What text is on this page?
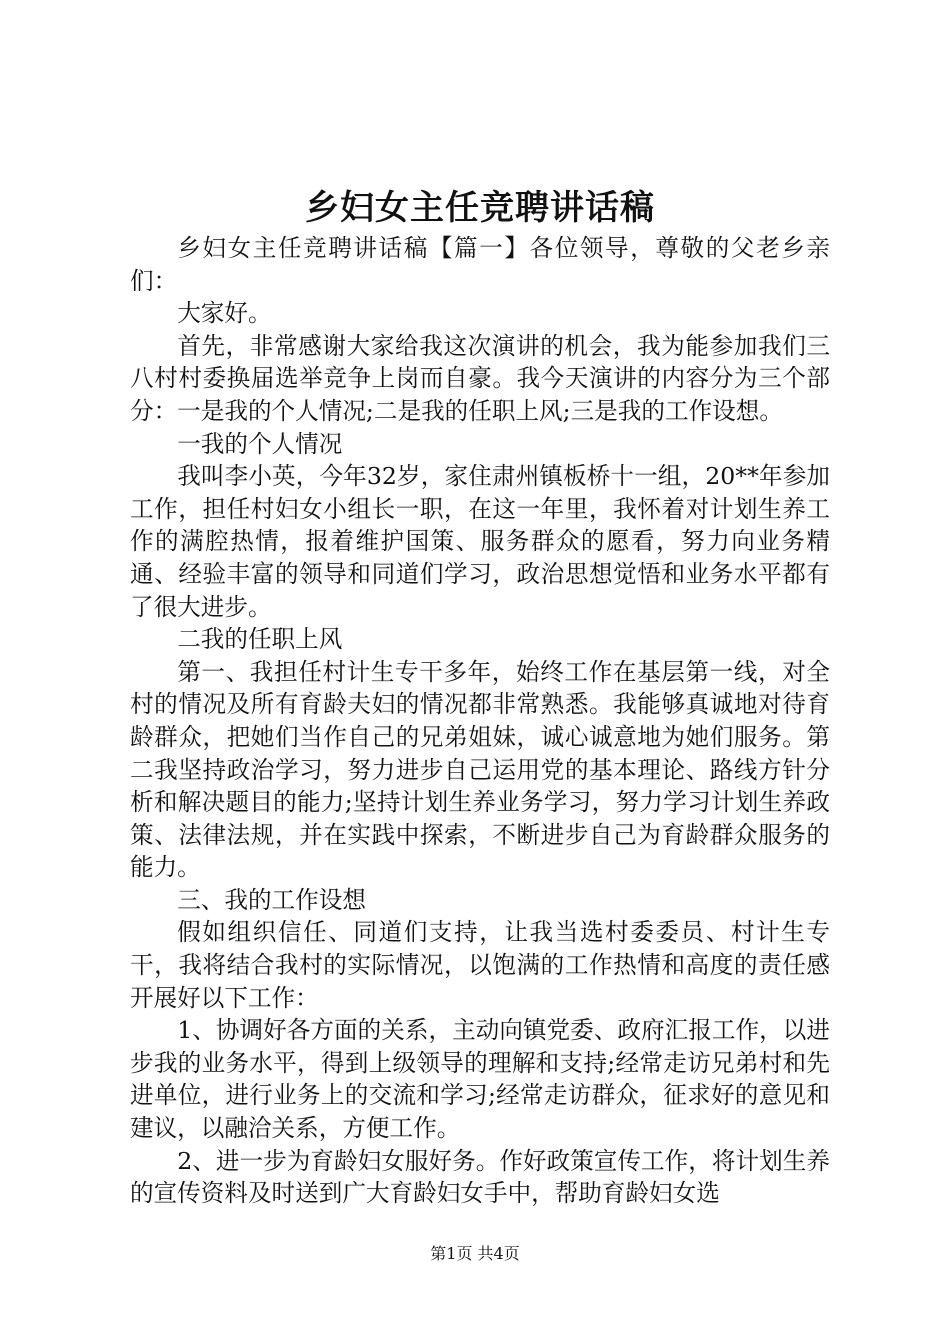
乡妇女主任竞聘讲话稿

乡妇女主任竞聘讲话稿【篇一】各位领导，尊敬的父老乡亲们：

大家好。

首先，非常感谢大家给我这次演讲的机会，我为能参加我们三八村村委换届选举竞争上岗而自豪。我今天演讲的内容分为三个部分：一是我的个人情况;二是我的任职上风;三是我的工作设想。

一我的个人情况

我叫李小英，今年32岁，家住肃州镇板桥十一组，20**年参加工作，担任村妇女小组长一职，在这一年里，我怀着对计划生养工作的满腔热情，报着维护国策、服务群众的愿看，努力向业务精通、经验丰富的领导和同道们学习，政治思想觉悟和业务水平都有了很大进步。

二我的任职上风

第一、我担任村计生专干多年，始终工作在基层第一线，对全村的情况及所有育龄夫妇的情况都非常熟悉。我能够真诚地对待育龄群众，把她们当作自己的兄弟姐妹，诚心诚意地为她们服务。第二我坚持政治学习，努力进步自己运用党的基本理论、路线方针分析和解决题目的能力;坚持计划生养业务学习，努力学习计划生养政策、法律法规，并在实践中探索，不断进步自己为育龄群众服务的能力。

三、我的工作设想

假如组织信任、同道们支持，让我当选村委委员、村计生专干，我将结合我村的实际情况，以饱满的工作热情和高度的责任感开展好以下工作：

1、协调好各方面的关系，主动向镇党委、政府汇报工作，以进步我的业务水平，得到上级领导的理解和支持;经常走访兄弟村和先进单位，进行业务上的交流和学习;经常走访群众，征求好的意见和建议，以融洽关系，方便工作。

2、进一步为育龄妇女服好务。作好政策宣传工作，将计划生养的宣传资料及时送到广大育龄妇女手中，帮助育龄妇女选

第1页 共4页
